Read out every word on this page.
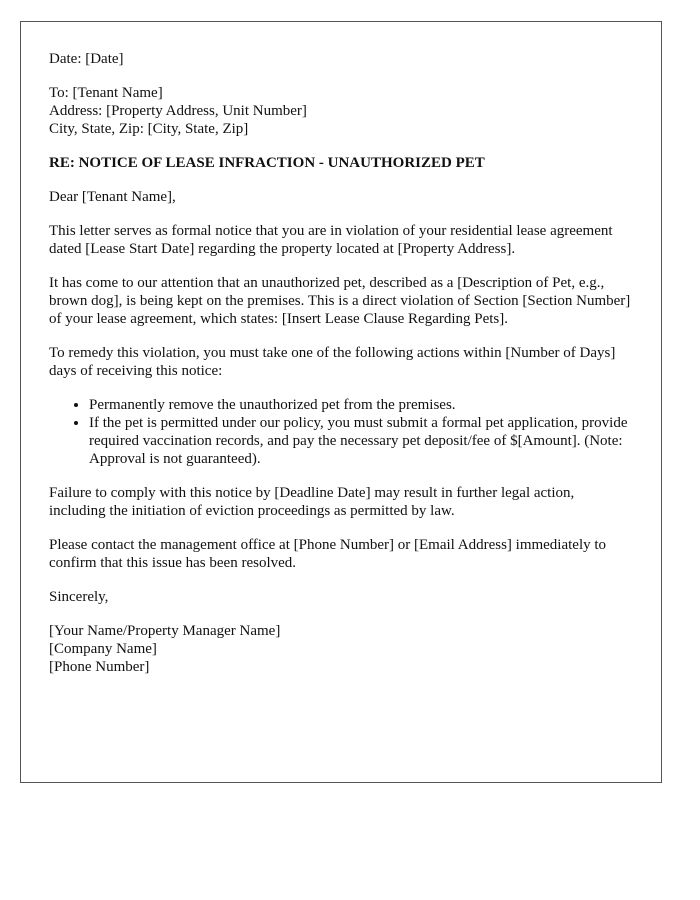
Date: [Date]

To: [Tenant Name]
Address: [Property Address, Unit Number]
City, State, Zip: [City, State, Zip]

RE: NOTICE OF LEASE INFRACTION - UNAUTHORIZED PET

Dear [Tenant Name],

This letter serves as formal notice that you are in violation of your residential lease agreement dated [Lease Start Date] regarding the property located at [Property Address].

It has come to our attention that an unauthorized pet, described as a [Description of Pet, e.g., brown dog], is being kept on the premises. This is a direct violation of Section [Section Number] of your lease agreement, which states: [Insert Lease Clause Regarding Pets].

To remedy this violation, you must take one of the following actions within [Number of Days] days of receiving this notice:

• Permanently remove the unauthorized pet from the premises.
• If the pet is permitted under our policy, you must submit a formal pet application, provide required vaccination records, and pay the necessary pet deposit/fee of $[Amount]. (Note: Approval is not guaranteed).

Failure to comply with this notice by [Deadline Date] may result in further legal action, including the initiation of eviction proceedings as permitted by law.

Please contact the management office at [Phone Number] or [Email Address] immediately to confirm that this issue has been resolved.

Sincerely,

[Your Name/Property Manager Name]
[Company Name]
[Phone Number]
